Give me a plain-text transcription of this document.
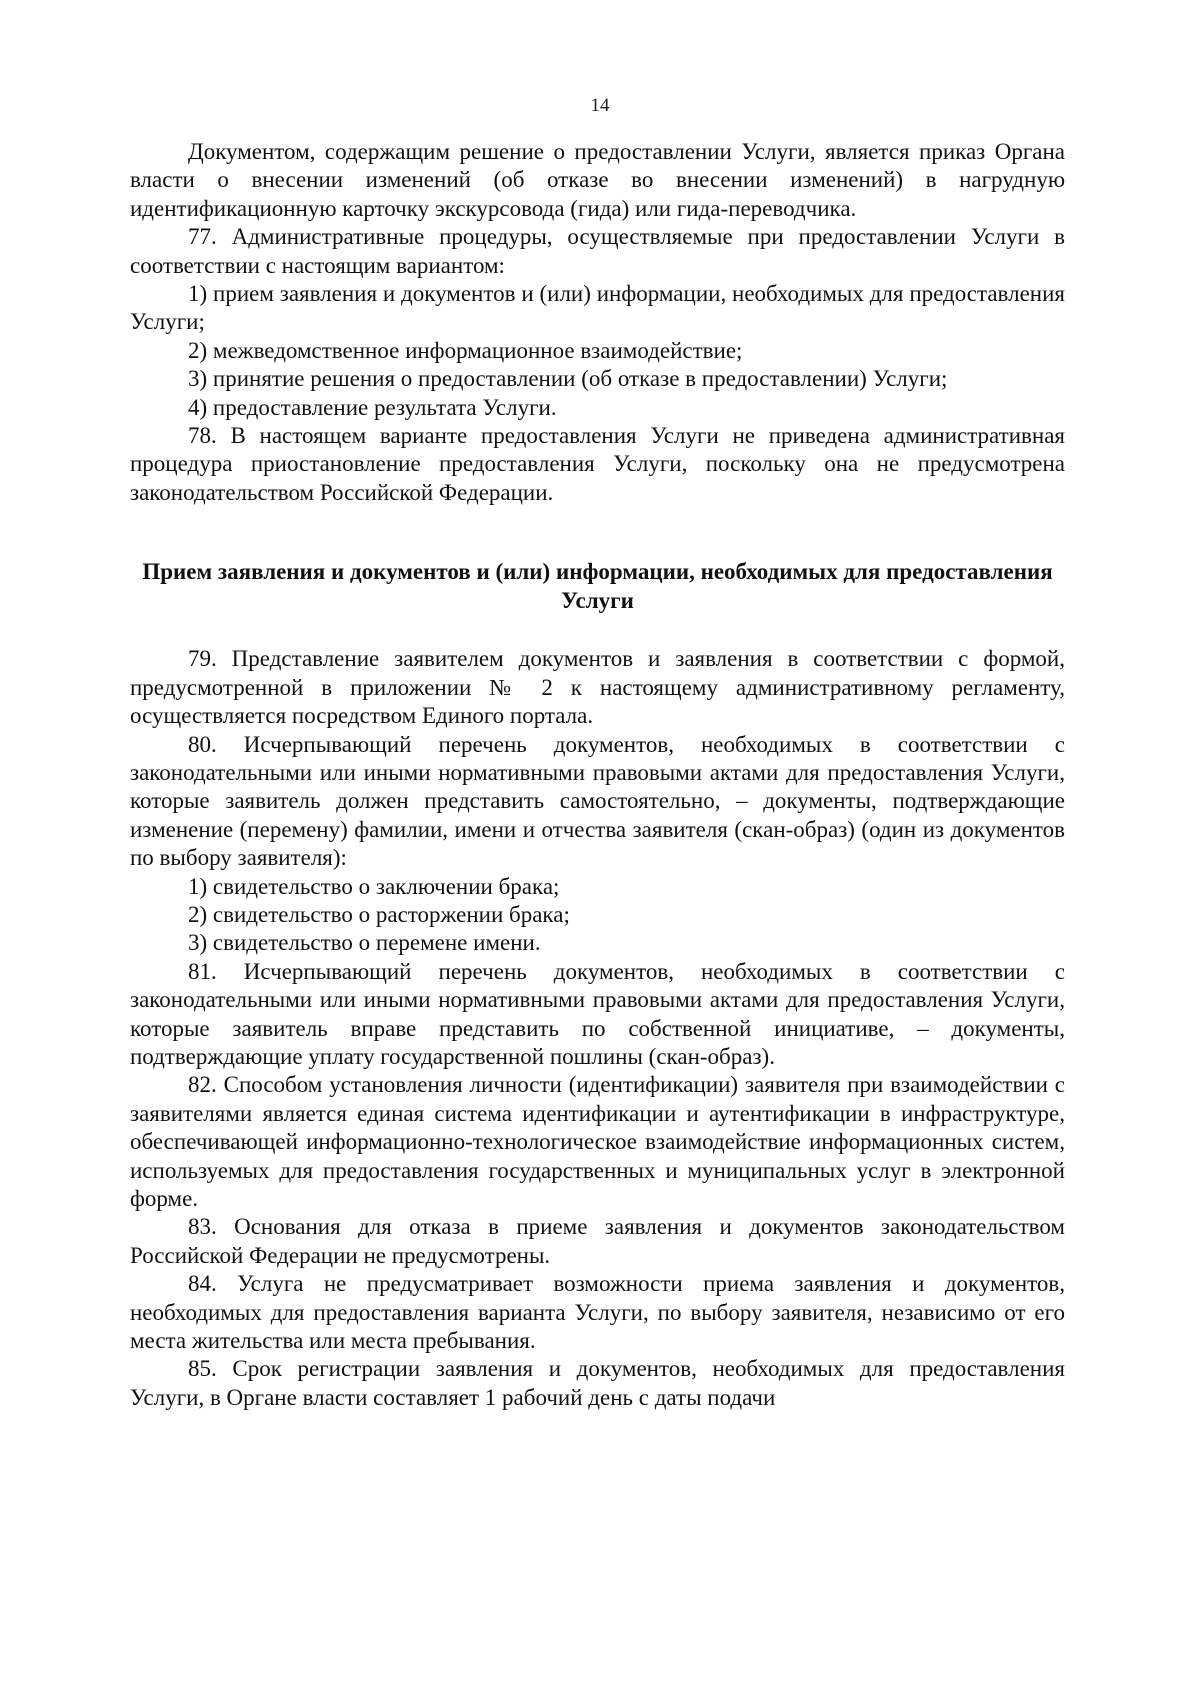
14

Документом, содержащим решение о предоставлении Услуги, является приказ Органа власти о внесении изменений (об отказе во внесении изменений) в нагрудную идентификационную карточку экскурсовода (гида) или гида-переводчика.

77. Административные процедуры, осуществляемые при предоставлении Услуги в соответствии с настоящим вариантом:

1) прием заявления и документов и (или) информации, необходимых для предоставления Услуги;

2) межведомственное информационное взаимодействие;

3) принятие решения о предоставлении (об отказе в предоставлении) Услуги;

4) предоставление результата Услуги.

78. В настоящем варианте предоставления Услуги не приведена административная процедура приостановление предоставления Услуги, поскольку она не предусмотрена законодательством Российской Федерации.

Прием заявления и документов и (или) информации, необходимых для предоставления Услуги

79. Представление заявителем документов и заявления в соответствии с формой, предусмотренной в приложении № 2 к настоящему административному регламенту, осуществляется посредством Единого портала.

80. Исчерпывающий перечень документов, необходимых в соответствии с законодательными или иными нормативными правовыми актами для предоставления Услуги, которые заявитель должен представить самостоятельно, – документы, подтверждающие изменение (перемену) фамилии, имени и отчества заявителя (скан-образ) (один из документов по выбору заявителя):

1) свидетельство о заключении брака;

2) свидетельство о расторжении брака;

3) свидетельство о перемене имени.

81. Исчерпывающий перечень документов, необходимых в соответствии с законодательными или иными нормативными правовыми актами для предоставления Услуги, которые заявитель вправе представить по собственной инициативе, – документы, подтверждающие уплату государственной пошлины (скан-образ).

82. Способом установления личности (идентификации) заявителя при взаимодействии с заявителями является единая система идентификации и аутентификации в инфраструктуре, обеспечивающей информационно-технологическое взаимодействие информационных систем, используемых для предоставления государственных и муниципальных услуг в электронной форме.

83. Основания для отказа в приеме заявления и документов законодательством Российской Федерации не предусмотрены.

84. Услуга не предусматривает возможности приема заявления и документов, необходимых для предоставления варианта Услуги, по выбору заявителя, независимо от его места жительства или места пребывания.

85. Срок регистрации заявления и документов, необходимых для предоставления Услуги, в Органе власти составляет 1 рабочий день с даты подачи
